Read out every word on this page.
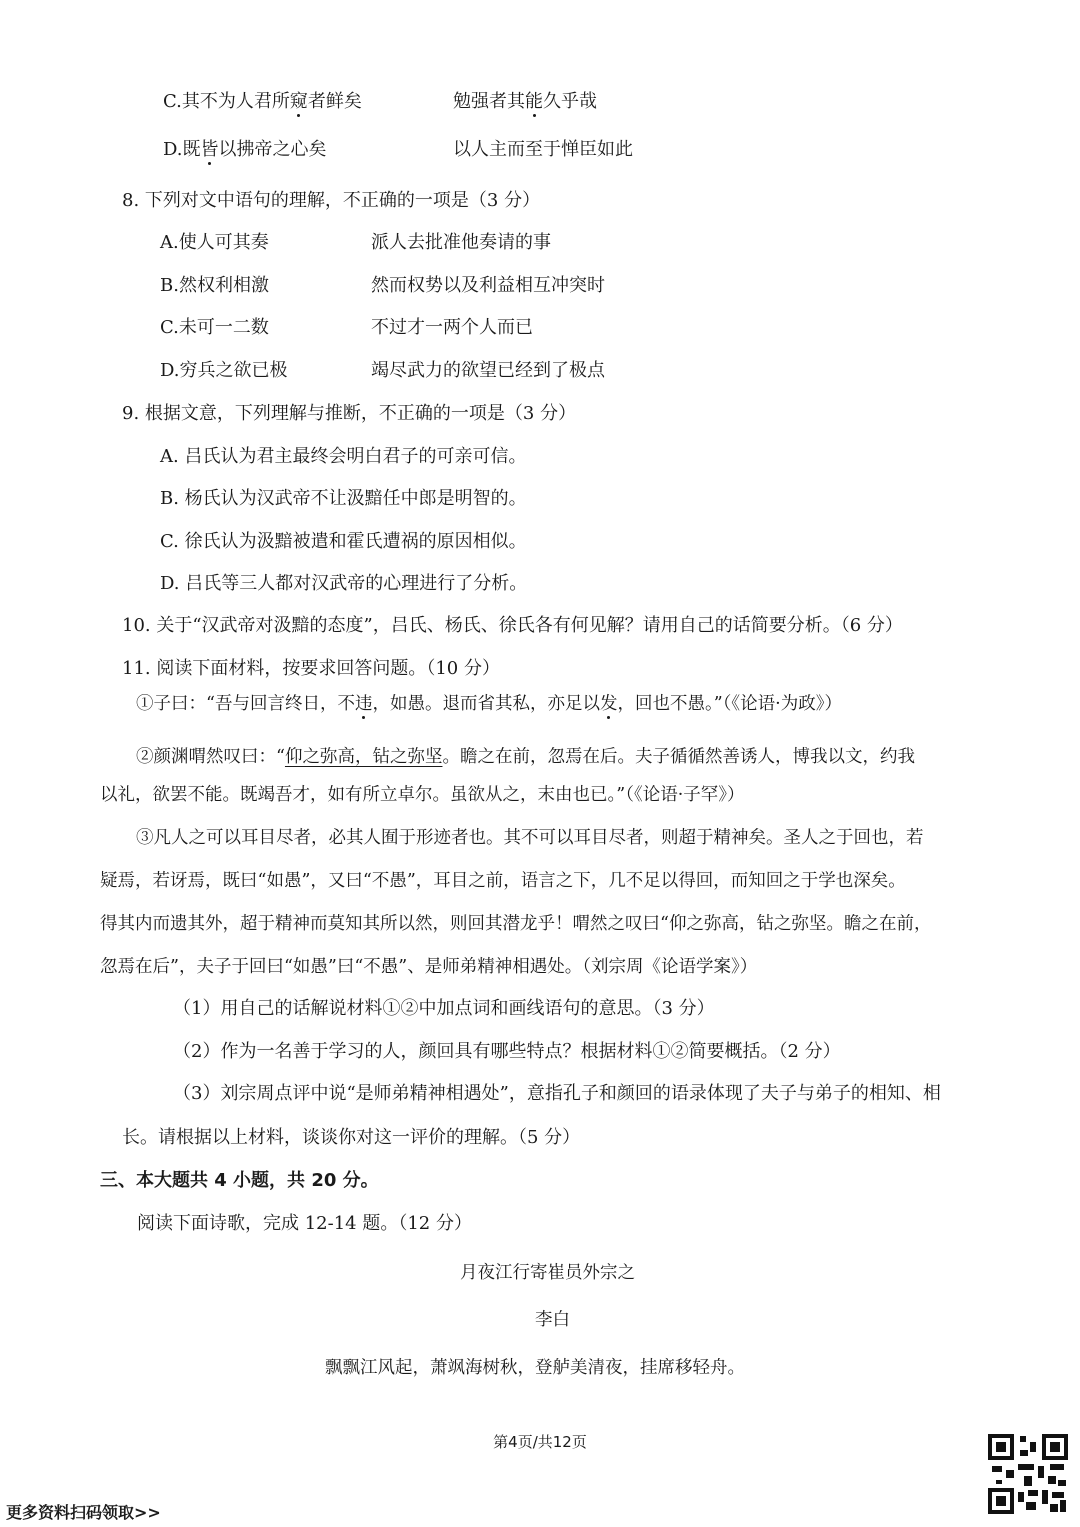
C.其不为人君所窥者鲜矣	勉强者其能久乎哉
D.既皆以拂帝之心矣	以人主而至于惮臣如此
8. 下列对文中语句的理解，不正确的一项是（3 分）
A.使人可其奏	派人去批准他奏请的事
B.然权利相激	然而权势以及利益相互冲突时
C.未可一二数	不过才一两个人而已
D.穷兵之欲已极	竭尽武力的欲望已经到了极点
9. 根据文意，下列理解与推断，不正确的一项是（3 分）
A. 吕氏认为君主最终会明白君子的可亲可信。
B. 杨氏认为汉武帝不让汲黯任中郎是明智的。
C. 徐氏认为汲黯被遣和霍氏遭祸的原因相似。
D. 吕氏等三人都对汉武帝的心理进行了分析。
10. 关于“汉武帝对汲黯的态度”，吕氏、杨氏、徐氏各有何见解？请用自己的话简要分析。（6 分）
11. 阅读下面材料，按要求回答问题。（10 分）
①子曰：“吾与回言终日，不违，如愚。退而省其私，亦足以发，回也不愚。”（《论语·为政》）
②颜渊喟然叹曰：“仰之弥高，钻之弥坚。瞻之在前，忽焉在后。夫子循循然善诱人，博我以文，约我
以礼，欲罢不能。既竭吾才，如有所立卓尔。虽欲从之，末由也已。”（《论语·子罕》）
③凡人之可以耳目尽者，必其人囿于形迹者也。其不可以耳目尽者，则超于精神矣。圣人之于回也，若
疑焉，若讶焉，既曰“如愚”，又曰“不愚”，耳目之前，语言之下，几不足以得回，而知回之于学也深矣。
得其内而遗其外，超于精神而莫知其所以然，则回其潜龙乎！喟然之叹曰“仰之弥高，钻之弥坚。瞻之在前，
忽焉在后”，夫子于回曰“如愚”曰“不愚”、是师弟精神相遇处。（刘宗周《论语学案》）
（1）用自己的话解说材料①②中加点词和画线语句的意思。（3 分）
（2）作为一名善于学习的人，颜回具有哪些特点？根据材料①②简要概括。（2 分）
（3）刘宗周点评中说“是师弟精神相遇处”，意指孔子和颜回的语录体现了夫子与弟子的相知、相
长。请根据以上材料，谈谈你对这一评价的理解。（5 分）
三、本大题共 4 小题，共 20 分。
阅读下面诗歌，完成 12-14 题。（12 分）
月夜江行寄崔员外宗之
李白
飘飘江风起，萧飒海树秋，登舻美清夜，挂席移轻舟。
第4页/共12页
更多资料扫码领取>>
